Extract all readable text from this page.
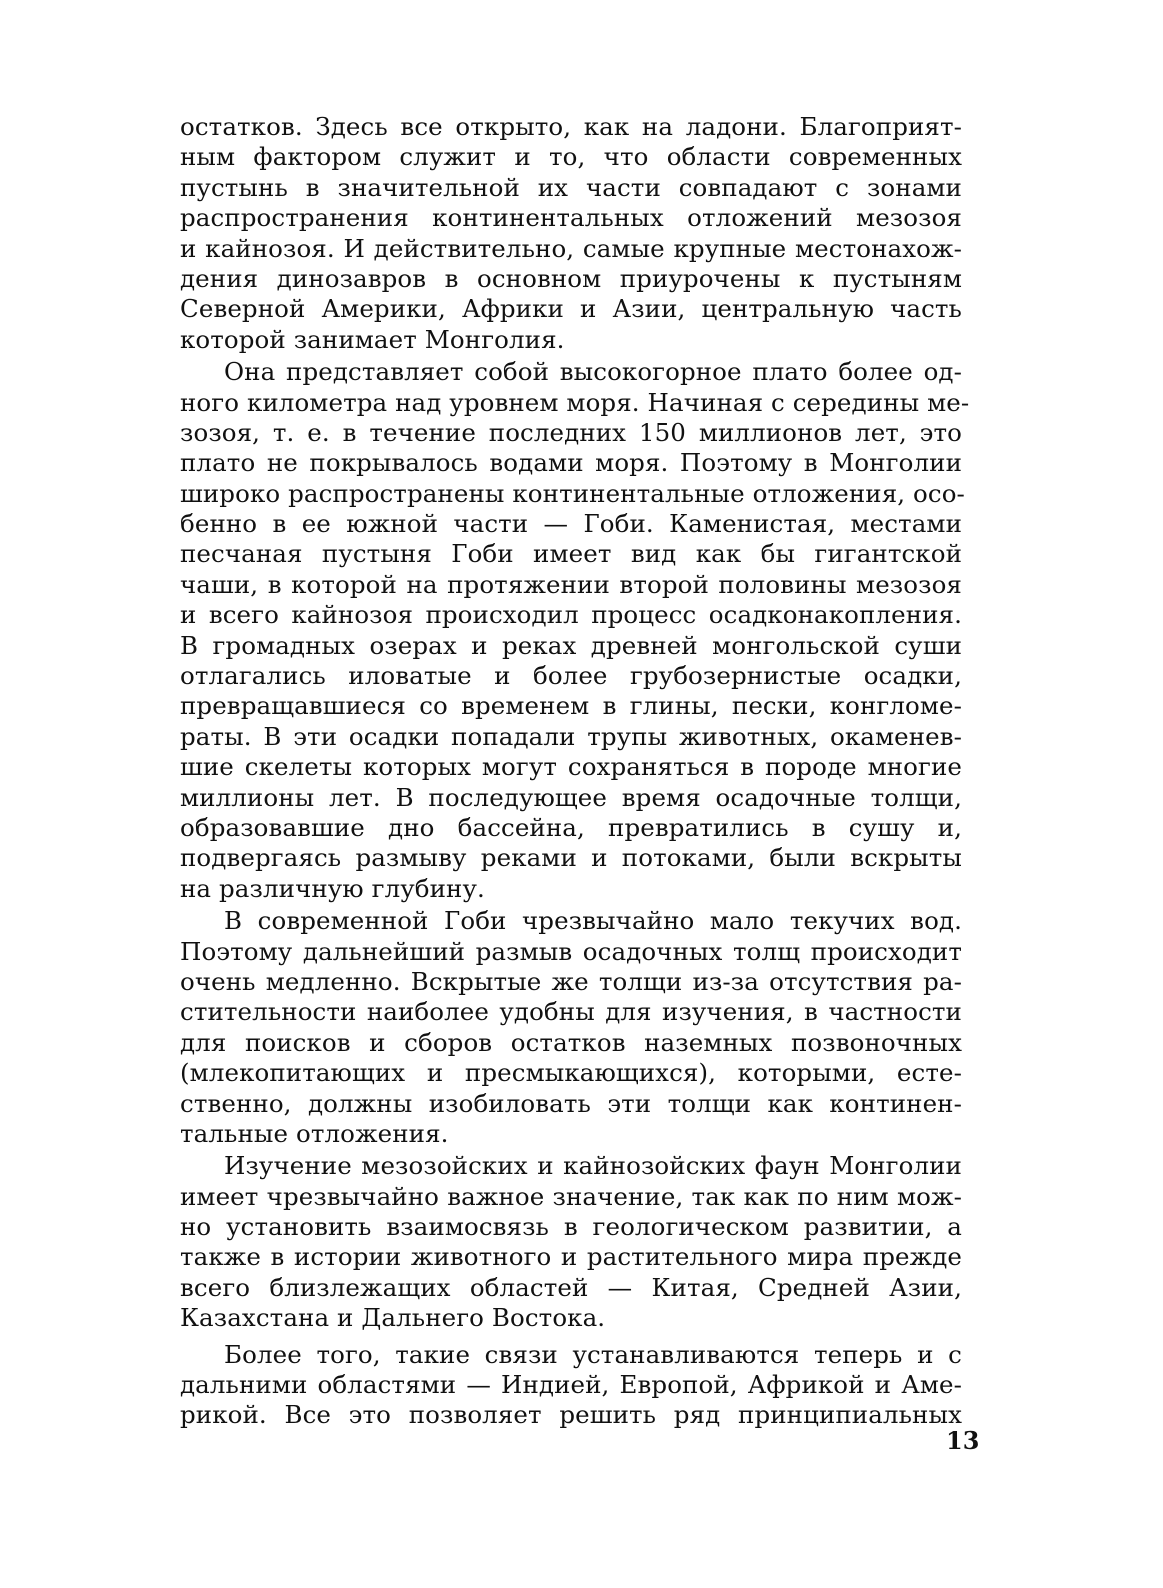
остатков. Здесь все открыто, как на ладони. Благоприят-
ным фактором служит и то, что области современных
пустынь в значительной их части совпадают с зонами
распространения континентальных отложений мезозоя
и кайнозоя. И действительно, самые крупные местонахож-
дения динозавров в основном приурочены к пустыням
Северной Америки, Африки и Азии, центральную часть
которой занимает Монголия.
Она представляет собой высокогорное плато более од-
ного километра над уровнем моря. Начиная с середины ме-
зозоя, т. е. в течение последних 150 миллионов лет, это
плато не покрывалось водами моря. Поэтому в Монголии
широко распространены континентальные отложения, осо-
бенно в ее южной части — Гоби. Каменистая, местами
песчаная пустыня Гоби имеет вид как бы гигантской
чаши, в которой на протяжении второй половины мезозоя
и всего кайнозоя происходил процесс осадконакопления.
В громадных озерах и реках древней монгольской суши
отлагались иловатые и более грубозернистые осадки,
превращавшиеся со временем в глины, пески, конгломе-
раты. В эти осадки попадали трупы животных, окаменев-
шие скелеты которых могут сохраняться в породе многие
миллионы лет. В последующее время осадочные толщи,
образовавшие дно бассейна, превратились в сушу и,
подвергаясь размыву реками и потоками, были вскрыты
на различную глубину.
В современной Гоби чрезвычайно мало текучих вод.
Поэтому дальнейший размыв осадочных толщ происходит
очень медленно. Вскрытые же толщи из-за отсутствия ра-
стительности наиболее удобны для изучения, в частности
для поисков и сборов остатков наземных позвоночных
(млекопитающих и пресмыкающихся), которыми, есте-
ственно, должны изобиловать эти толщи как континен-
тальные отложения.
Изучение мезозойских и кайнозойских фаун Монголии
имеет чрезвычайно важное значение, так как по ним мож-
но установить взаимосвязь в геологическом развитии, а
также в истории животного и растительного мира прежде
всего близлежащих областей — Китая, Средней Азии,
Казахстана и Дальнего Востока.
Более того, такие связи устанавливаются теперь и с
дальними областями — Индией, Европой, Африкой и Аме-
рикой. Все это позволяет решить ряд принципиальных
13
